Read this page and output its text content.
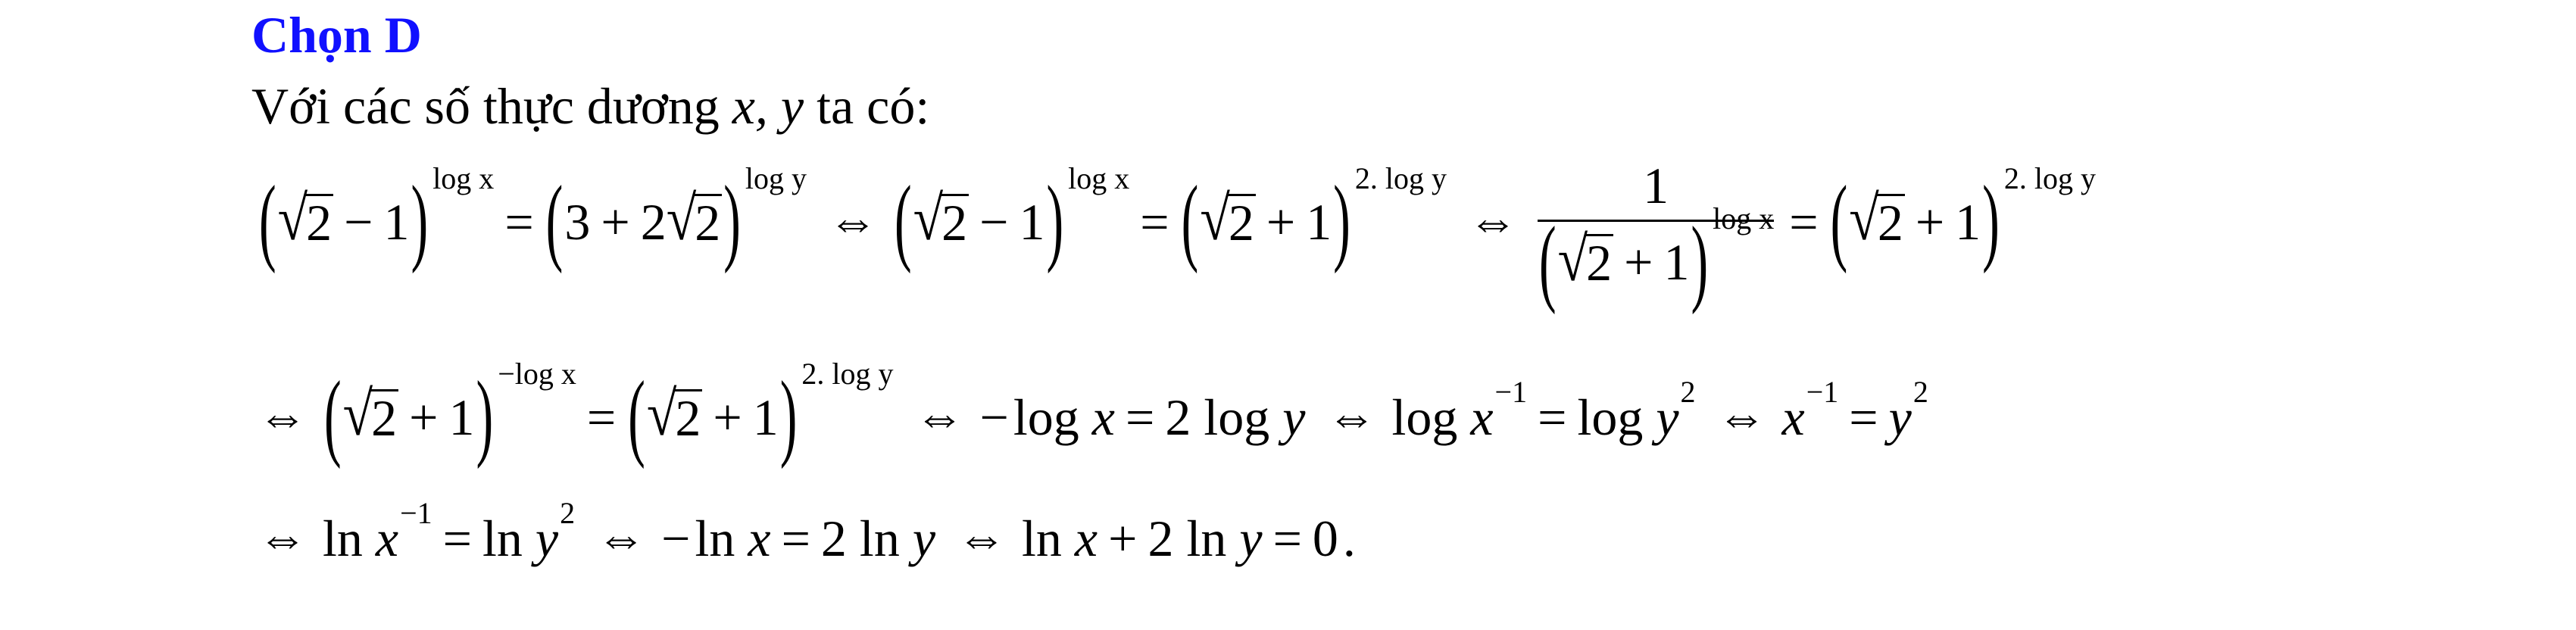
Chọn D
Với các số thực dương x, y ta có:
( √
2 − 1 ) log x
= ( 3 + 2 √
2 ) log y
⇔ ( √
2 − 1 ) log x
= ( √
2 + 1 ) 2. log y
⇔ 1
( √
2 + 1 ) log x = ( √
2 + 1 ) 2. log y
⇔ ( √
2 + 1 ) −log x
= ( √
2 + 1 ) 2. log y
⇔ − log
x = 2
log
y ⇔ log
x −1 = log
y 2 ⇔ x −1 = y 2
⇔ ln
x −1 = ln
y 2 ⇔ − ln
x = 2
ln
y ⇔ ln
x + 2
ln
y = 0 .
